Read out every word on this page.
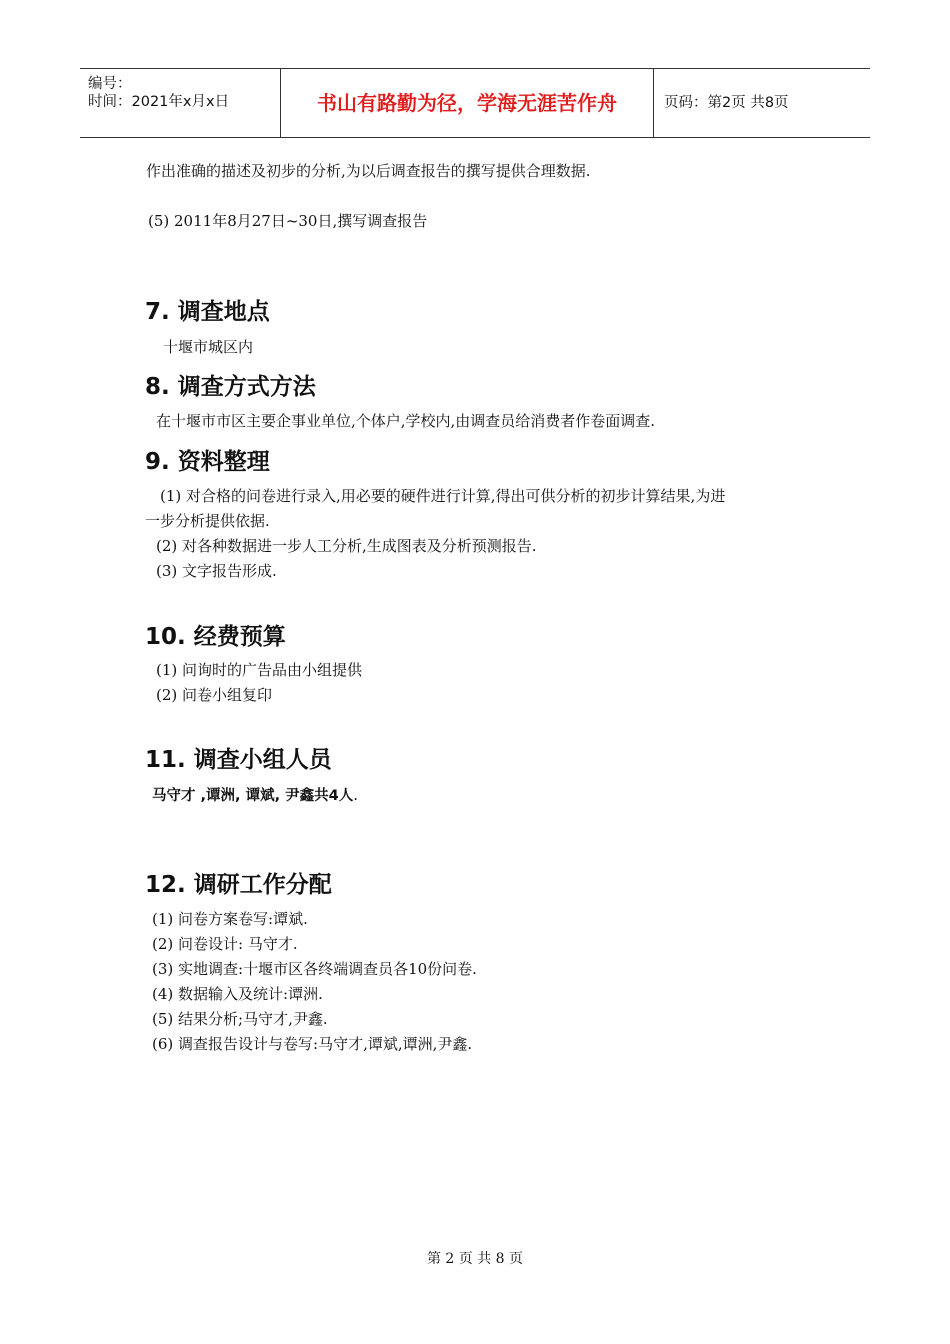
编号：
时间：2021年x月x日	书山有路勤为径，学海无涯苦作舟	页码：第2页 共8页
作出准确的描述及初步的分析,为以后调查报告的撰写提供合理数据.
(5) 2011年8月27日~30日,撰写调查报告
7. 调查地点
十堰市城区内
8. 调查方式方法
在十堰市市区主要企事业单位,个体户,学校内,由调查员给消费者作卷面调查.
9. 资料整理
(1) 对合格的问卷进行录入,用必要的硬件进行计算,得出可供分析的初步计算结果,为进
一步分析提供依据.
(2) 对各种数据进一步人工分析,生成图表及分析预测报告.
(3) 文字报告形成.
10. 经费预算
(1) 问询时的广告品由小组提供
(2) 问卷小组复印
11. 调查小组人员
马守才 ,谭洲, 谭斌, 尹鑫共4人.
12. 调研工作分配
(1) 问卷方案卷写:谭斌.
(2) 问卷设计: 马守才.
(3) 实地调查:十堰市区各终端调查员各10份问卷.
(4) 数据输入及统计:谭洲.
(5) 结果分析;马守才,尹鑫.
(6) 调查报告设计与卷写:马守才,谭斌,谭洲,尹鑫.
第 2 页 共 8 页
